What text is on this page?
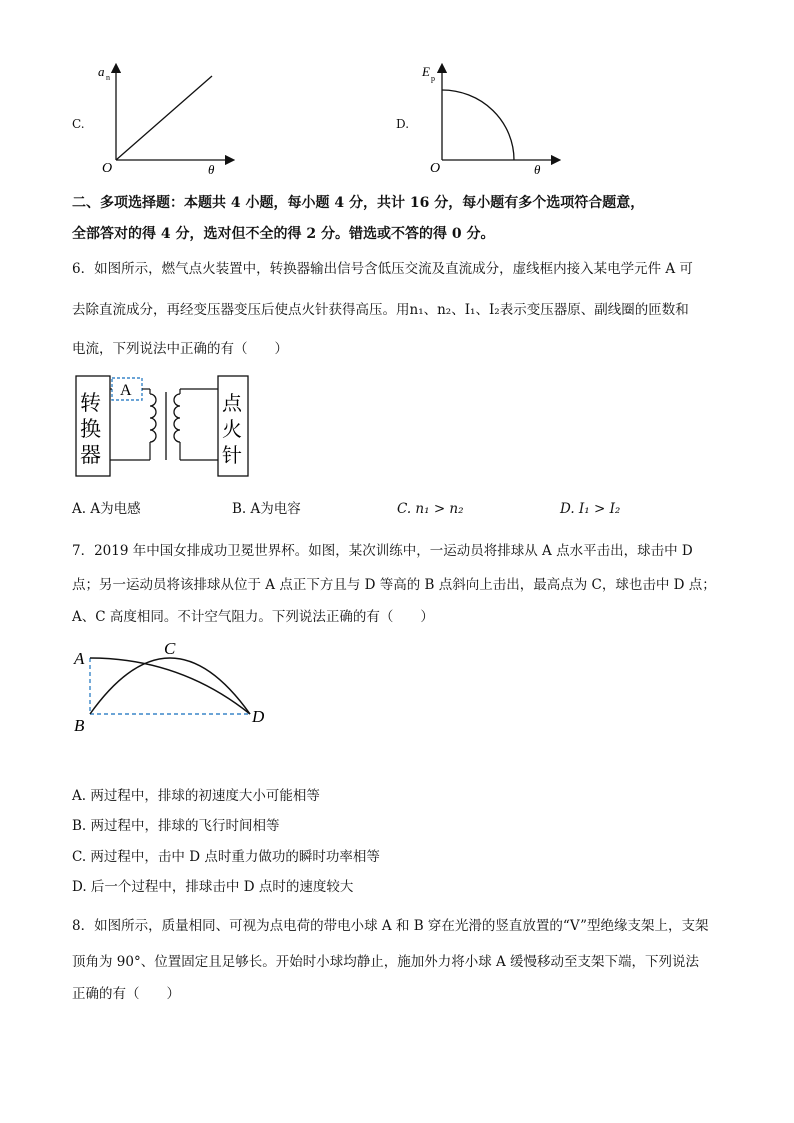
C.
a n
θ
O
D.
E p
θ
O
二、多项选择题：本题共 4 小题，每小题 4 分，共计 16 分，每小题有多个选项符合题意，
全部答对的得 4 分，选对但不全的得 2 分。错选或不答的得 0 分。
6．如图所示，燃气点火装置中，转换器输出信号含低压交流及直流成分，虚线框内接入某电学元件 A 可
去除直流成分，再经变压器变压后使点火针获得高压。用n₁、n₂、I₁、I₂表示变压器原、副线圈的匝数和
电流，下列说法中正确的有（　　）
转
换
器
A
点
火
针
A. A为电感	B. A为电容	C. n₁ > n₂	D. I₁ > I₂
7．2019 年中国女排成功卫冕世界杯。如图，某次训练中，一运动员将排球从 A 点水平击出，球击中 D
点；另一运动员将该排球从位于 A 点正下方且与 D 等高的 B 点斜向上击出，最高点为 C，球也击中 D 点；
A、C 高度相同。不计空气阻力。下列说法正确的有（　　）
A
B
C
D
A. 两过程中，排球的初速度大小可能相等
B. 两过程中，排球的飞行时间相等
C. 两过程中，击中 D 点时重力做功的瞬时功率相等
D. 后一个过程中，排球击中 D 点时的速度较大
8．如图所示，质量相同、可视为点电荷的带电小球 A 和 B 穿在光滑的竖直放置的“V”型绝缘支架上，支架
顶角为 90°、位置固定且足够长。开始时小球均静止，施加外力将小球 A 缓慢移动至支架下端，下列说法
正确的有（　　）
